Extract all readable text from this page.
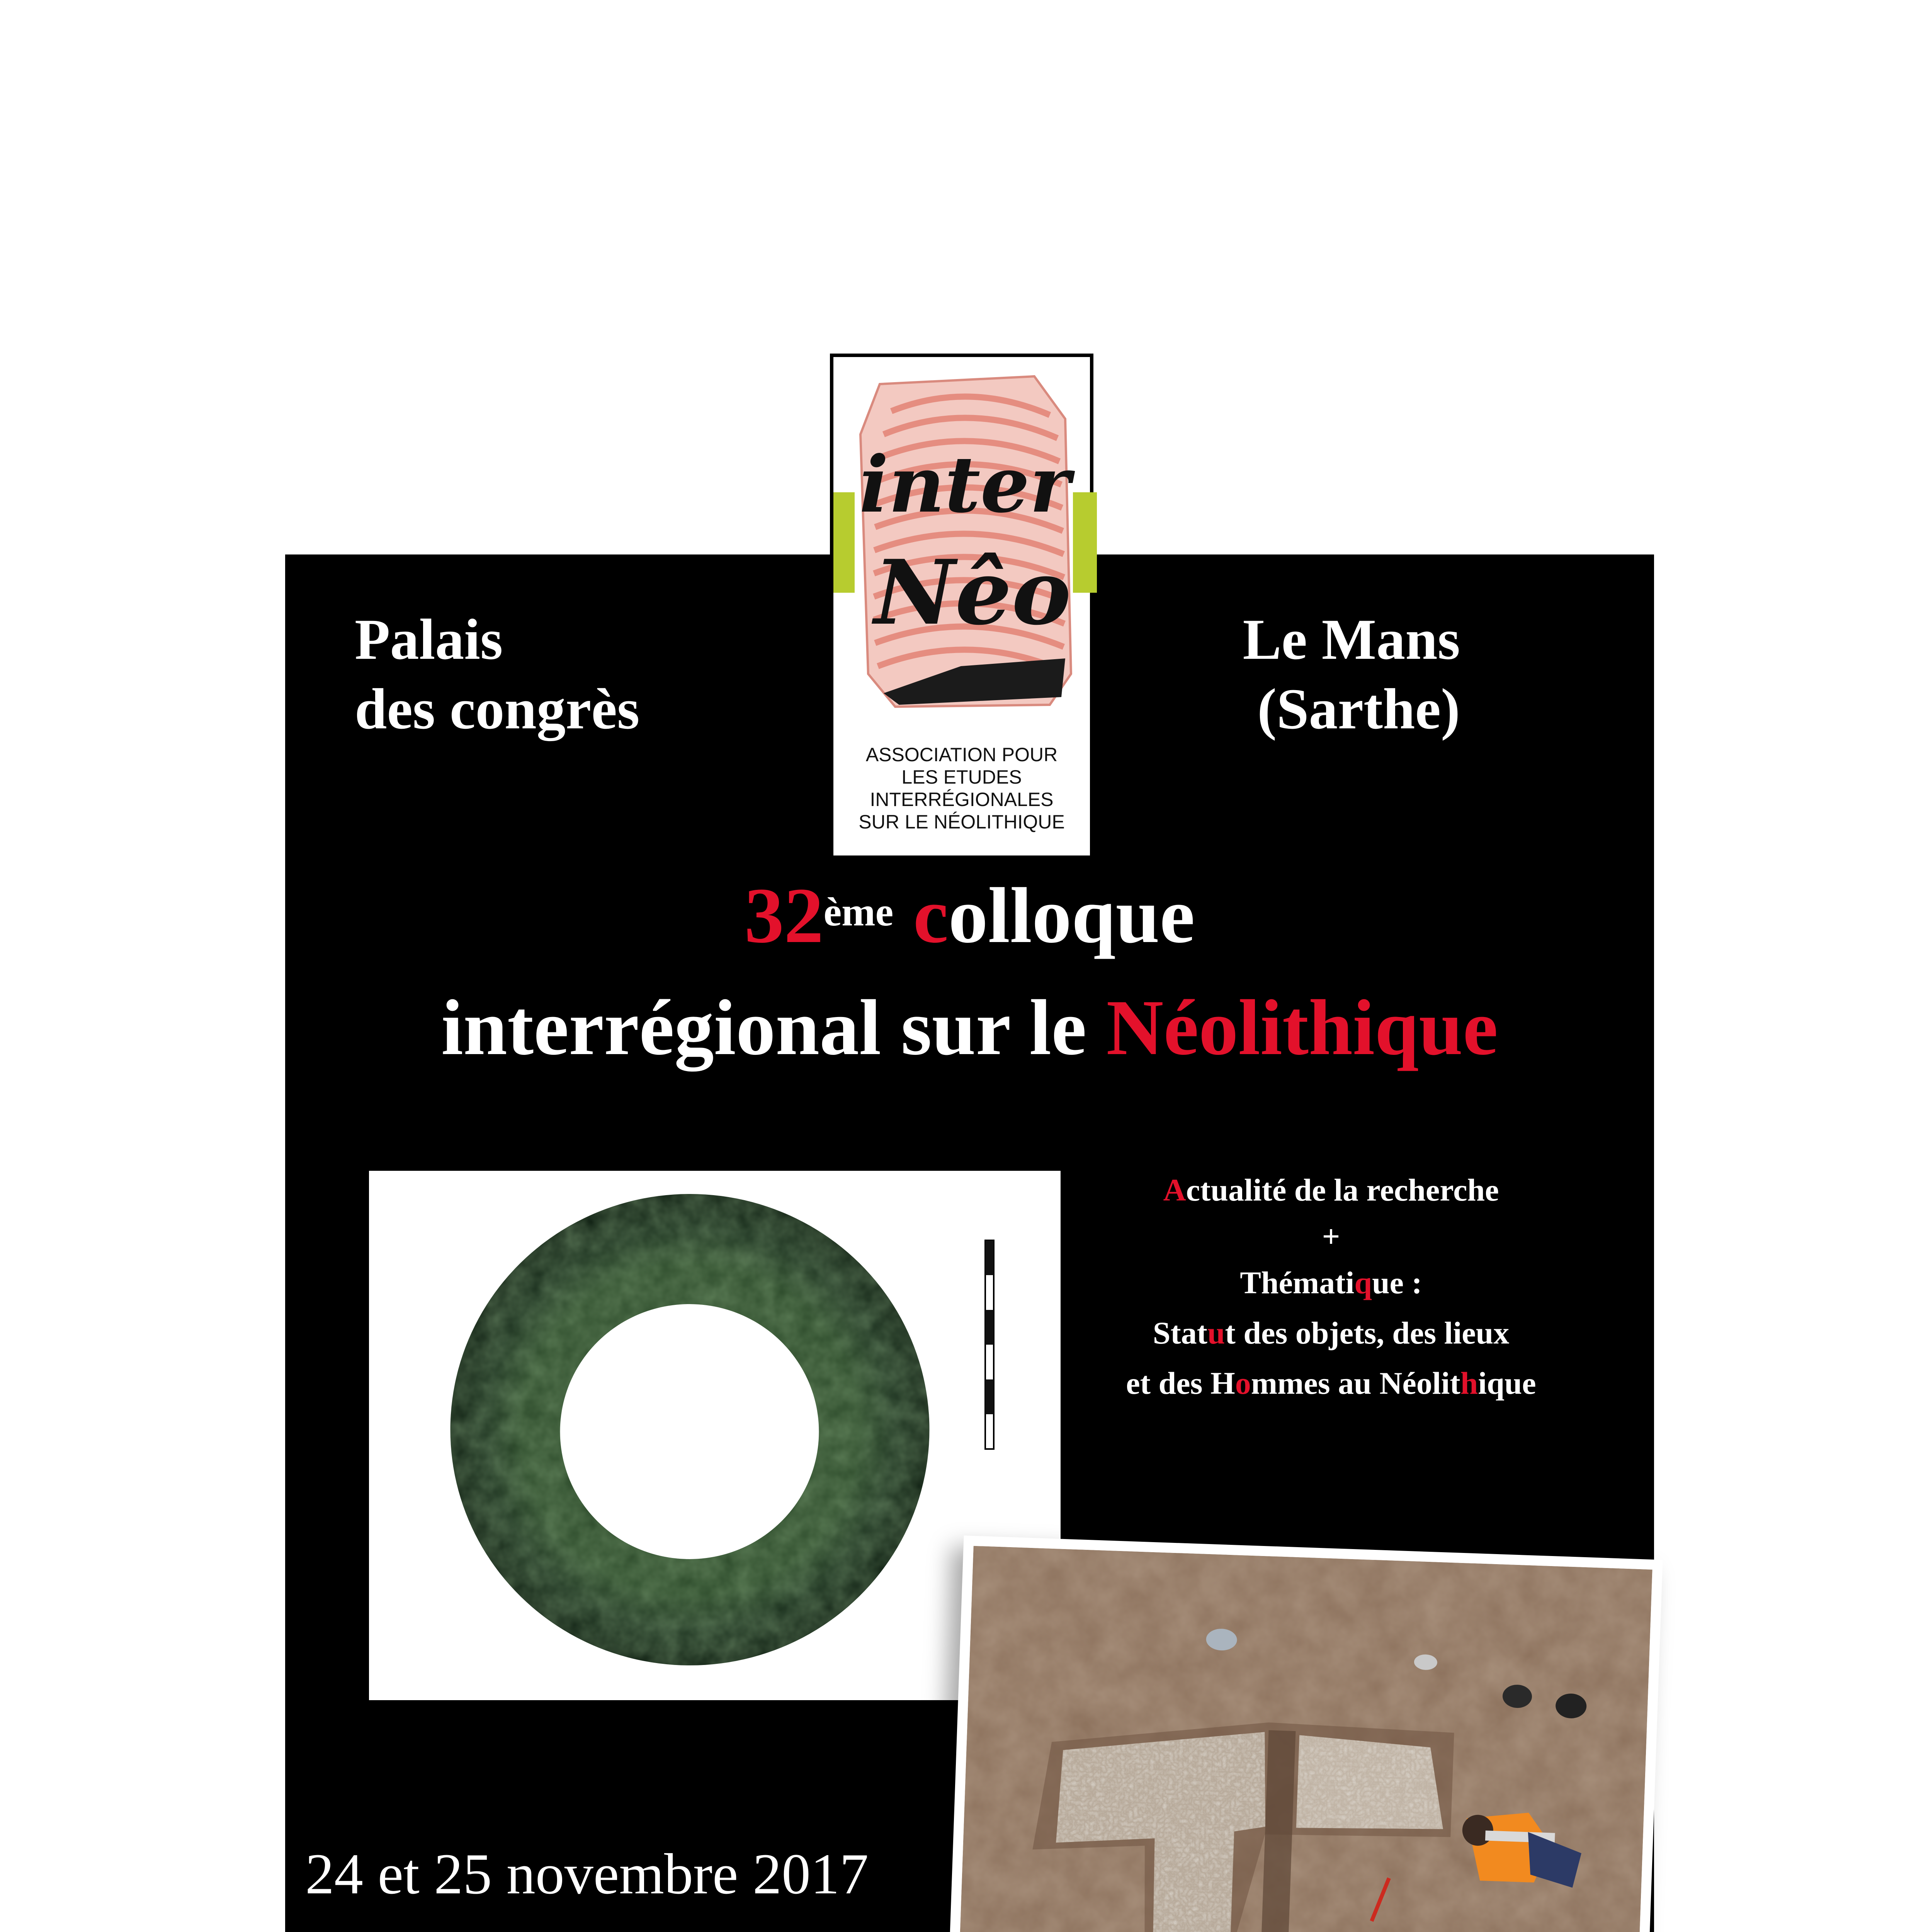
inter
Nêo
ASSOCIATION POUR
LES ETUDES
INTERRÉGIONALES
SUR LE NÉOLITHIQUE
Palais
des congrès
Le Mans
(Sarthe)
32ème colloque
interrégional sur le Néolithique
Actualité de la recherche
+
Thématique :
Statut des objets, des lieux
et des Hommes au Néolithique
24 et 25 novembre 2017
